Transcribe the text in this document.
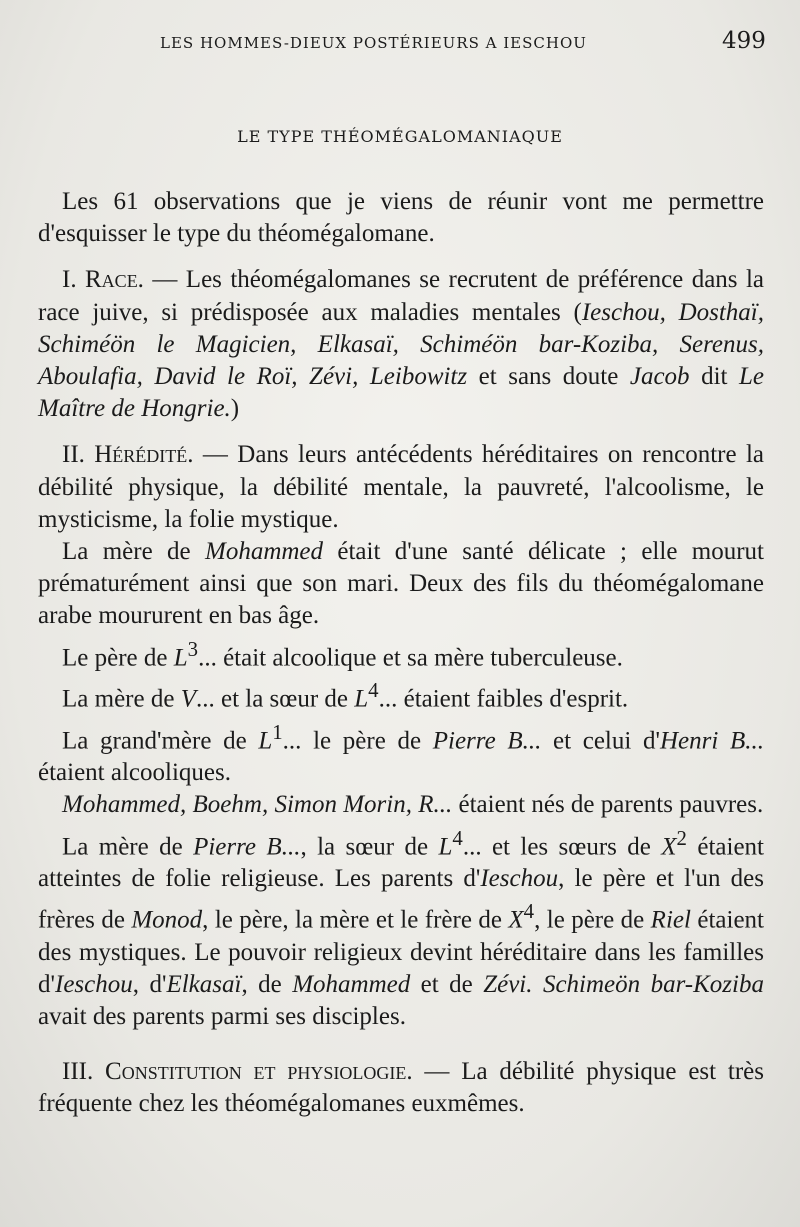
LES HOMMES-DIEUX POSTÉRIEURS A IESCHOU	499
LE TYPE THÉOMÉGALOMANIAQUE

Les 61 observations que je viens de réunir vont me permettre d'esquisser le type du théomégalomane.

I. Race. — Les théomégalomanes se recrutent de préférence dans la race juive, si prédisposée aux maladies mentales (Ieschou, Dosthaï, Schiméön le Magicien, Elkasaï, Schiméön bar-Koziba, Serenus, Aboulafia, David le Roï, Zévi, Leibowitz et sans doute Jacob dit Le Maître de Hongrie.)

II. Hérédité. — Dans leurs antécédents héréditaires on rencontre la débilité physique, la débilité mentale, la pauvreté, l'alcoolisme, le mysticisme, la folie mystique.

La mère de Mohammed était d'une santé délicate ; elle mourut prématurément ainsi que son mari. Deux des fils du théomégalomane arabe moururent en bas âge.

Le père de $L^3$... était alcoolique et sa mère tuberculeuse.

La mère de V... et la sœur de $L^4$... étaient faibles d'esprit.

La grand'mère de $L^1$... le père de Pierre B... et celui d'Henri B... étaient alcooliques.

Mohammed, Boehm, Simon Morin, R... étaient nés de parents pauvres.

La mère de Pierre B..., la sœur de $L^4$... et les sœurs de $X^2$ étaient atteintes de folie religieuse. Les parents d'Ieschou, le père et l'un des frères de Monod, le père, la mère et le frère de $X^4$, le père de Riel étaient des mystiques. Le pouvoir religieux devint héréditaire dans les familles d'Ieschou, d'Elkasaï, de Mohammed et de Zévi. Schimeön bar-Koziba avait des parents parmi ses disciples.

III. Constitution et physiologie. — La débilité physique est très fréquente chez les théomégalomanes euxmêmes.
